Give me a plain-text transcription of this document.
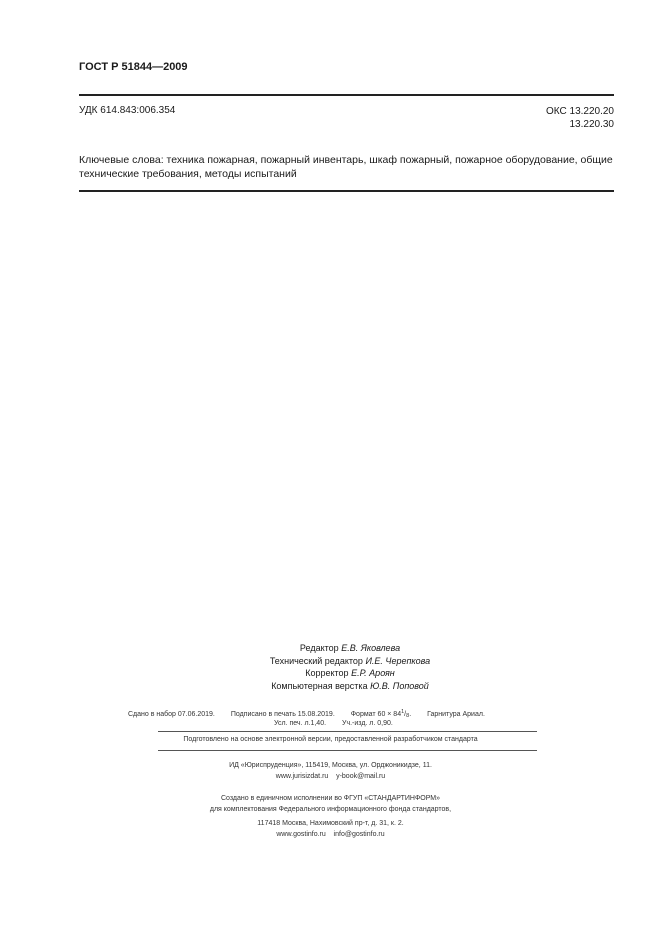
ГОСТ Р 51844—2009
УДК 614.843:006.354	ОКС 13.220.20
13.220.30
Ключевые слова: техника пожарная, пожарный инвентарь, шкаф пожарный, пожарное оборудование, общие технические требования, методы испытаний
Редактор Е.В. Яковлева
Технический редактор И.Е. Черепкова
Корректор Е.Р. Ароян
Компьютерная верстка Ю.В. Поповой
Сдано в набор 07.06.2019. Подписано в печать 15.08.2019. Формат $60 \times 84^1/_8$. Гарнитура Ариал.
Усл. печ. л.1,40. Уч.-изд. л. 0,90.
Подготовлено на основе электронной версии, предоставленной разработчиком стандарта
ИД «Юриспруденция», 115419, Москва, ул. Орджоникидзе, 11.
www.jurisizdat.ru    y-book@mail.ru
Создано в единичном исполнении во ФГУП «СТАНДАРТИНФОРМ»
для комплектования Федерального информационного фонда стандартов,
117418 Москва, Нахимовский пр-т, д. 31, к. 2.
www.gostinfo.ru    info@gostinfo.ru
